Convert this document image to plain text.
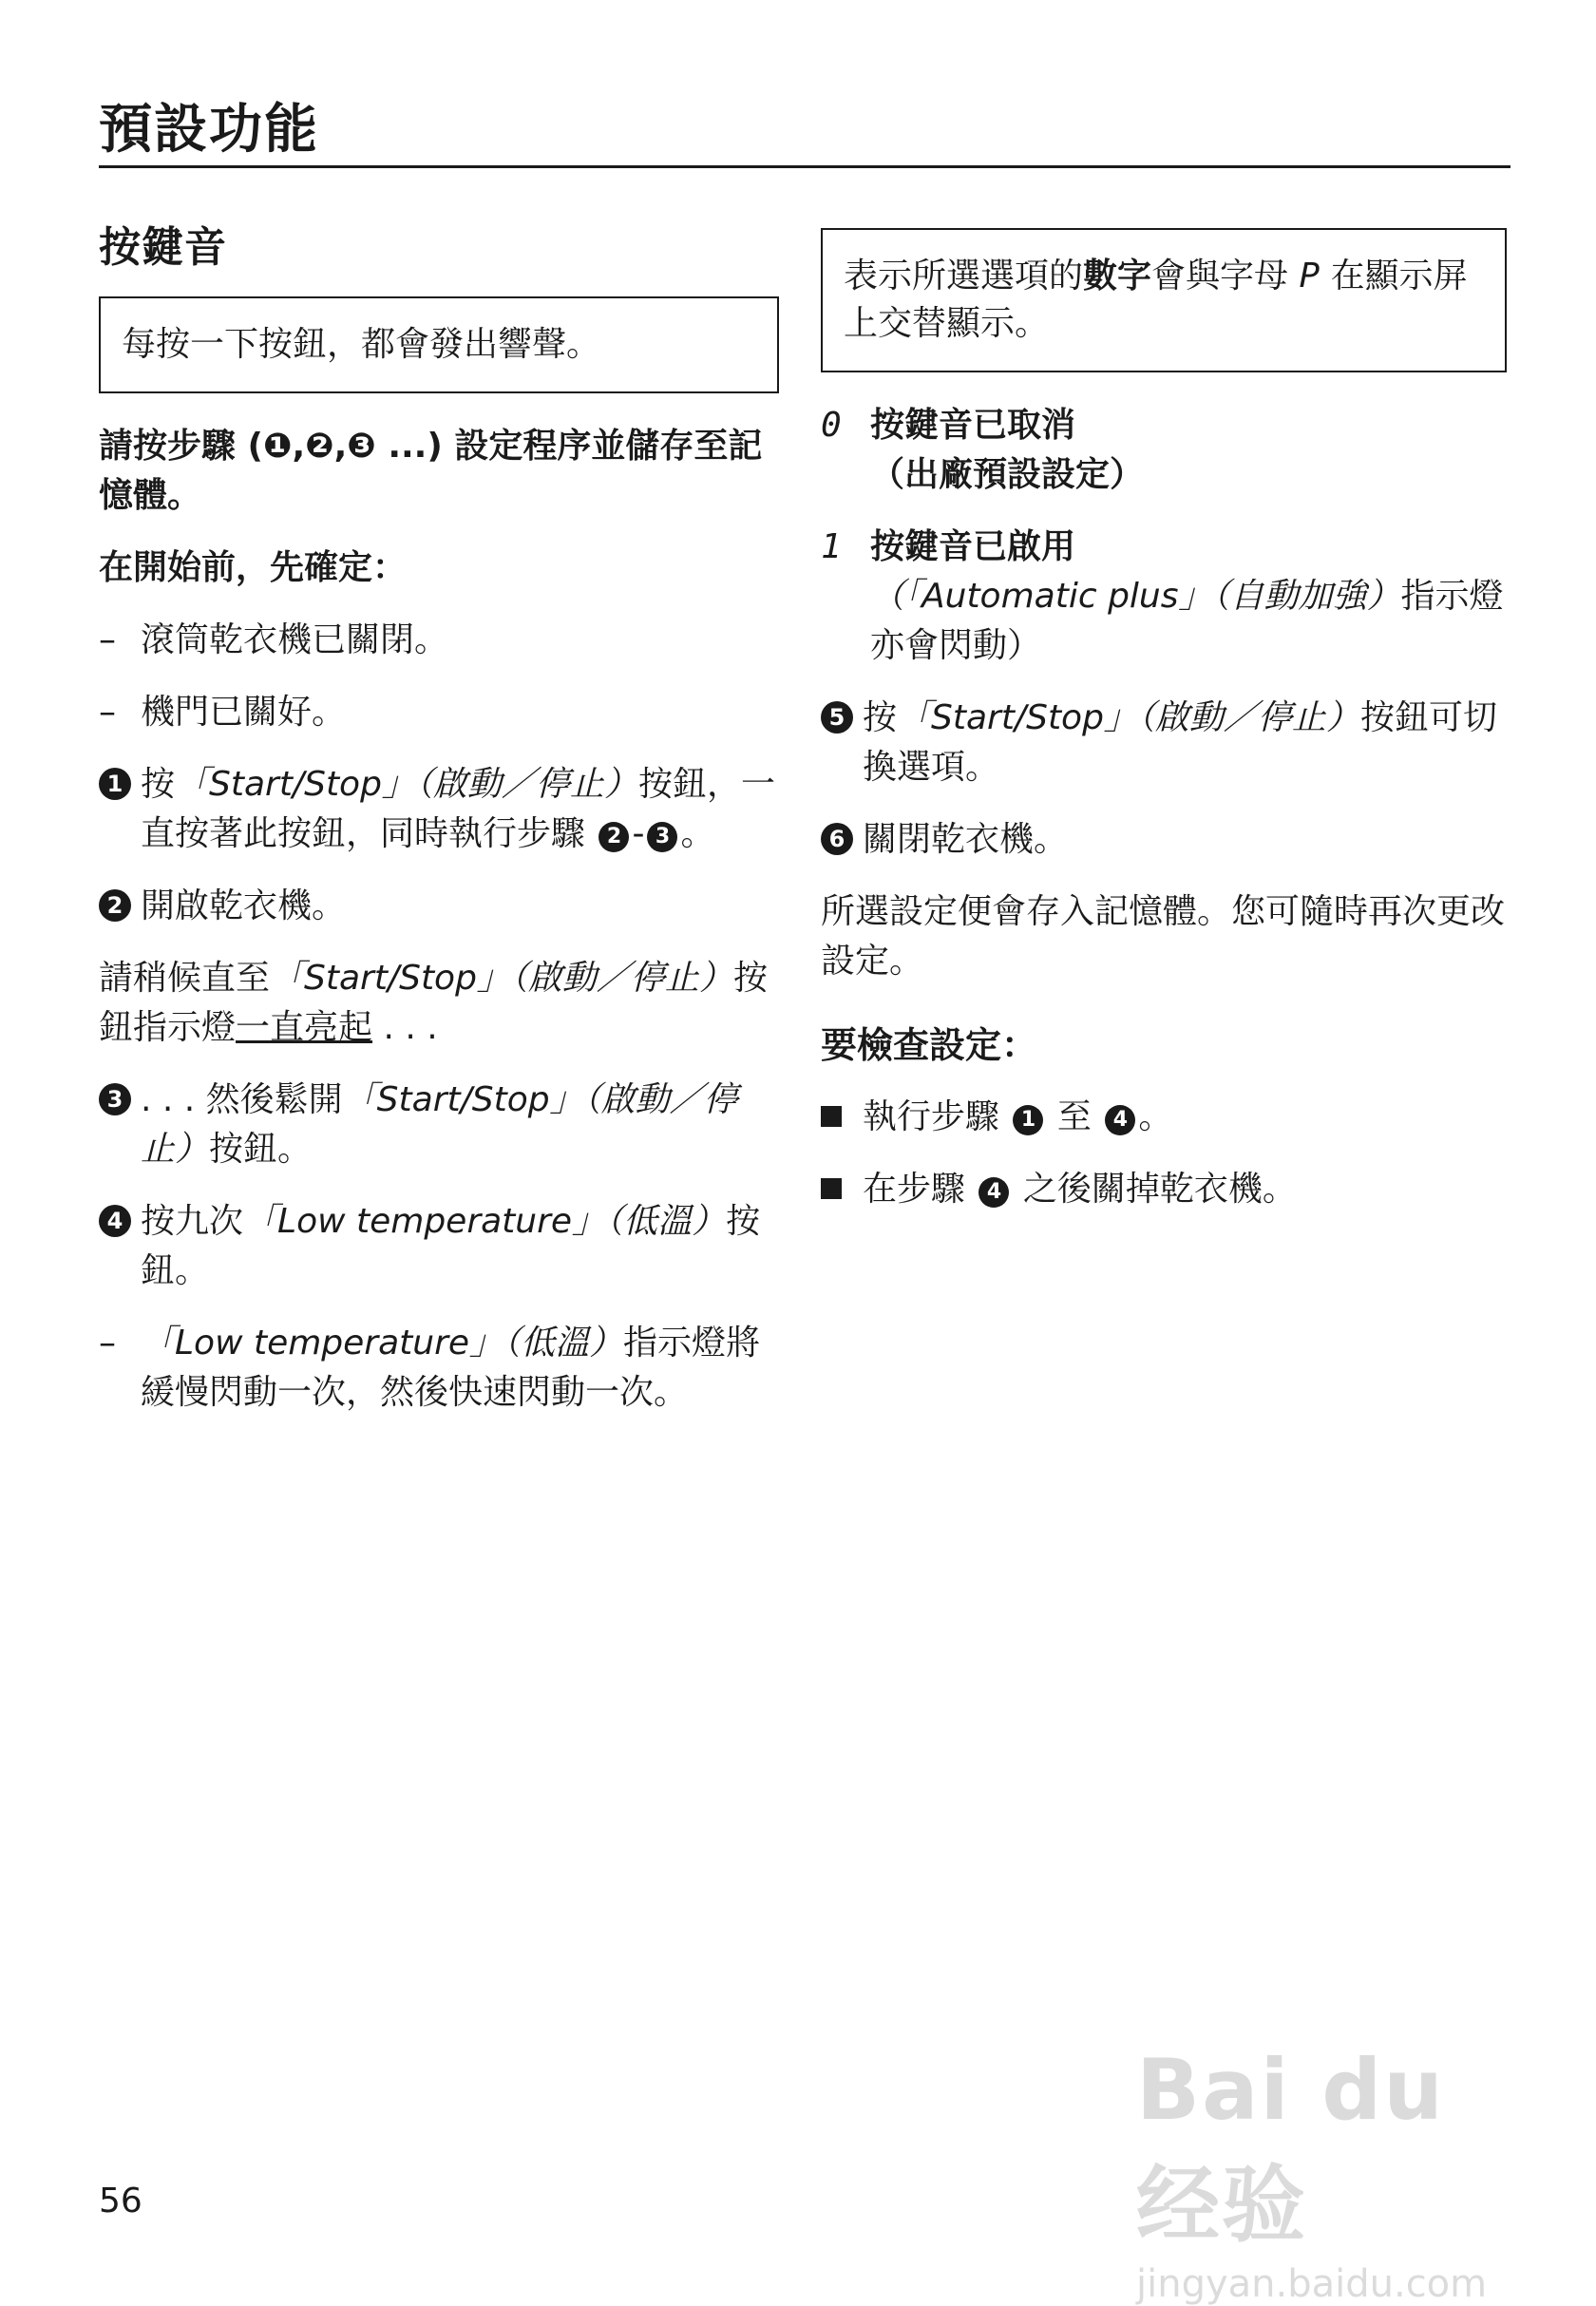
預設功能
按鍵音
每按一下按鈕，都會發出響聲。

請按步驟 (❶,❷,❸ ...) 設定程序並儲存至記憶體。

在開始前，先確定：

– 滾筒乾衣機已關閉。
– 機門已關好。
1 按「Start/Stop」（啟動／停止）按鈕，一直按著此按鈕，同時執行步驟 2 - 3 。
2 開啟乾衣機。

請稍候直至「Start/Stop」（啟動／停止）按鈕指示燈一直亮起 . . .

3 . . . 然後鬆開「Start/Stop」（啟動／停止）按鈕。
4 按九次「Low temperature」（低溫）按鈕。
– 「Low temperature」（低溫）指示燈將緩慢閃動一次，然後快速閃動一次。
表示所選選項的數字會與字母 P 在顯示屏上交替顯示。
0 按鍵音已取消
（出廠預設設定）
1 按鍵音已啟用
（「Automatic plus」（自動加強）指示燈亦會閃動）
5 按「Start/Stop」（啟動／停止）按鈕可切換選項。
6 關閉乾衣機。

所選設定便會存入記憶體。您可隨時再次更改設定。

要檢查設定：

執行步驟 1 至 4 。
在步驟 4 之後關掉乾衣機。
56
Bai du 经验
jingyan.baidu.com
